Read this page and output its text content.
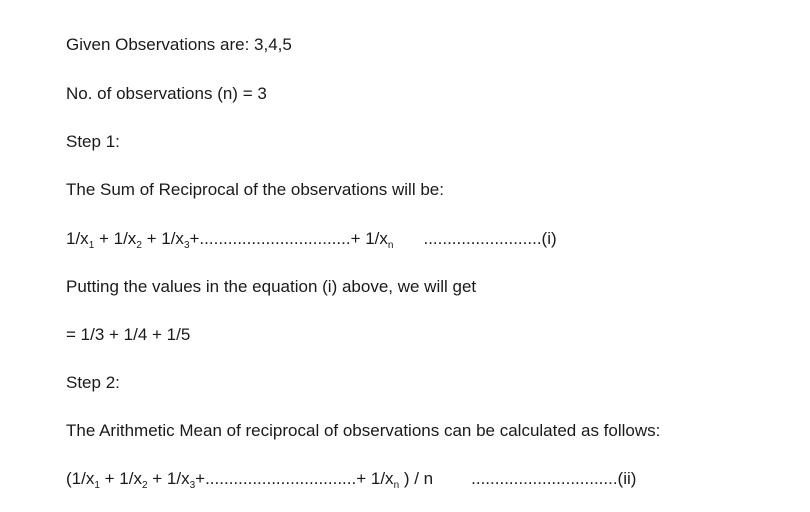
Given Observations are: 3,4,5
No. of observations (n) = 3
Step 1:
The Sum of Reciprocal of the observations will be:
$1/x_1 + 1/x_2 + 1/x_3+................................+ 1/x_n$ .........................(i)
Putting the values in the equation (i) above, we will get
= 1/3 + 1/4 + 1/5
Step 2:
The Arithmetic Mean of reciprocal of observations can be calculated as follows:
($1/x_1 + 1/x_2 + 1/x_3+................................+ 1/x_n$ ) / n ...............................(ii)
